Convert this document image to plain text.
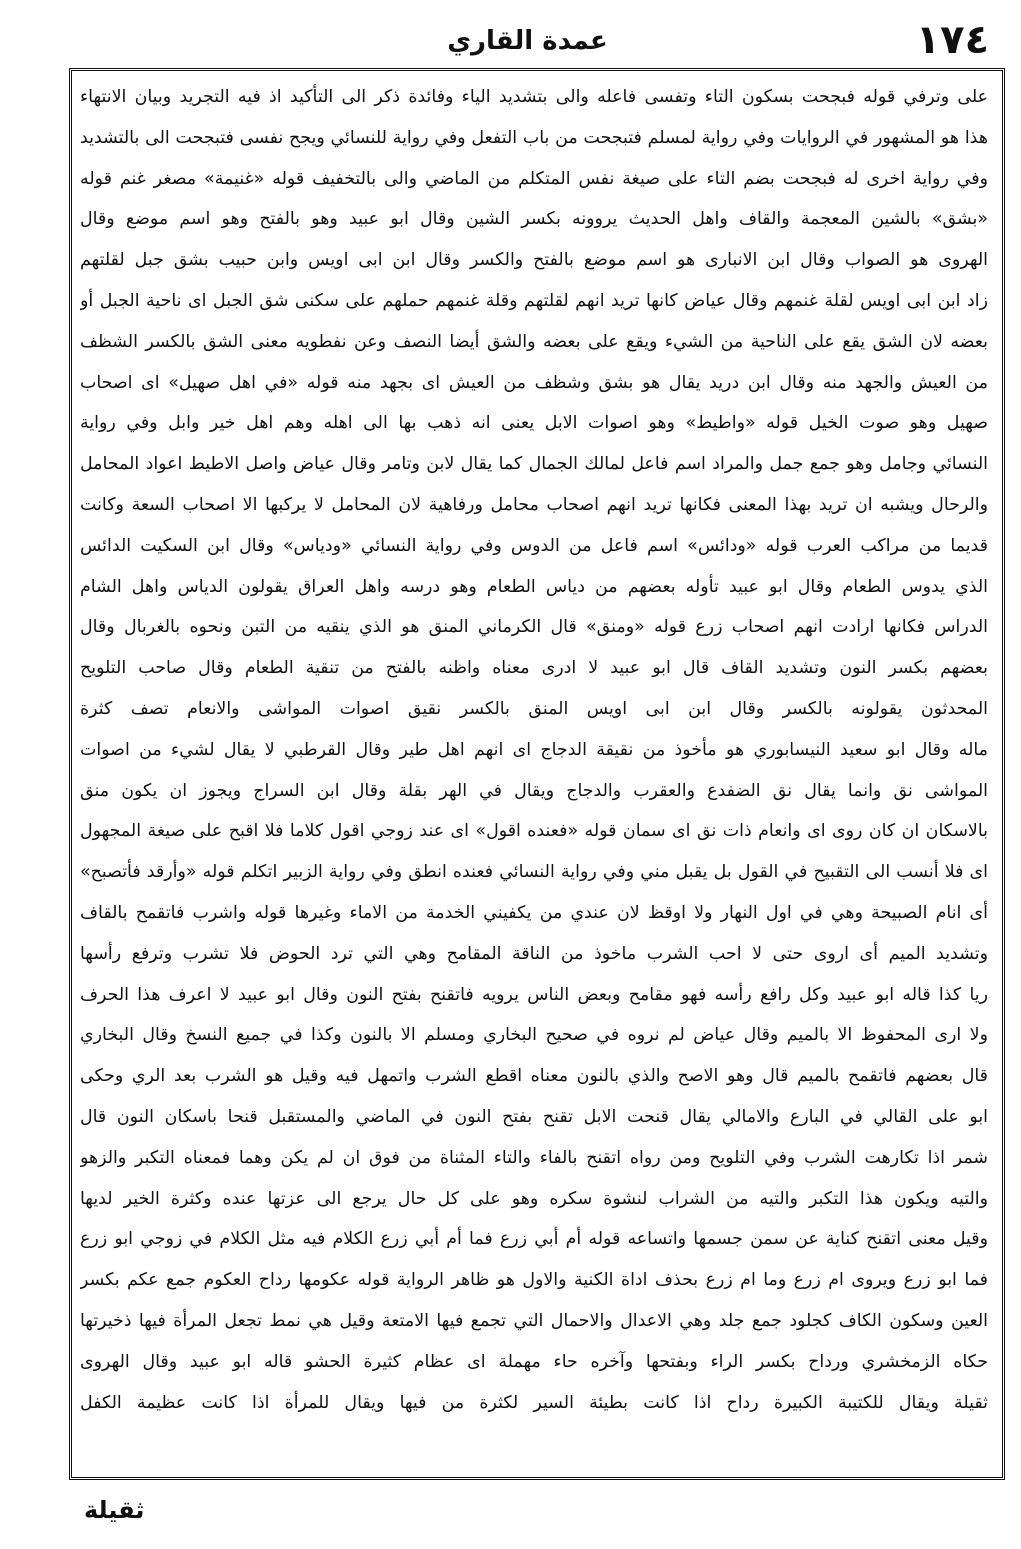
١٧٤
عمدة القاري
على وترفي قوله فبجحت بسكون التاء وتفسى فاعله والى بتشديد الياء وفائدة ذكر الى التأكيد اذ فيه التجريد وبيان الانتهاء
هذا هو المشهور في الروايات وفي رواية لمسلم فتبجحت من باب التفعل وفي رواية للنسائي ويجح نفسى فتبجحت الى بالتشديد
وفي رواية اخرى له فبجحت بضم التاء على صيغة نفس المتكلم من الماضي والى بالتخفيف قوله «غنيمة» مصغر غنم قوله
«بشق» بالشين المعجمة والقاف واهل الحديث يروونه بكسر الشين وقال ابو عبيد وهو بالفتح وهو اسم موضع وقال
الهروى هو الصواب وقال ابن الانبارى هو اسم موضع بالفتح والكسر وقال ابن ابى اويس وابن حبيب بشق جبل لقلتهم
زاد ابن ابى اويس لقلة غنمهم وقال عياض كانها تريد انهم لقلتهم وقلة غنمهم حملهم على سكنى شق الجبل اى ناحية الجبل أو
بعضه لان الشق يقع على الناحية من الشيء ويقع على بعضه والشق أيضا النصف وعن نفطويه معنى الشق بالكسر الشظف
من العيش والجهد منه وقال ابن دريد يقال هو بشق وشظف من العيش اى بجهد منه قوله «في اهل صهيل» اى اصحاب
صهيل وهو صوت الخيل قوله «واطيط» وهو اصوات الابل يعنى انه ذهب بها الى اهله وهم اهل خير وابل وفي رواية
النسائي وجامل وهو جمع جمل والمراد اسم فاعل لمالك الجمال كما يقال لابن وتامر وقال عياض واصل الاطيط اعواد المحامل
والرحال ويشبه ان تريد بهذا المعنى فكانها تريد انهم اصحاب محامل ورفاهية لان المحامل لا يركبها الا اصحاب السعة وكانت
قديما من مراكب العرب قوله «ودائس» اسم فاعل من الدوس وفي رواية النسائي «ودياس» وقال ابن السكيت الدائس
الذي يدوس الطعام وقال ابو عبيد تأوله بعضهم من دياس الطعام وهو درسه واهل العراق يقولون الدياس واهل الشام
الدراس فكانها ارادت انهم اصحاب زرع قوله «ومنق» قال الكرماني المنق هو الذي ينقيه من التبن ونحوه بالغربال وقال
بعضهم بكسر النون وتشديد القاف قال ابو عبيد لا ادرى معناه واظنه بالفتح من تنقية الطعام وقال صاحب التلويح
المحدثون يقولونه بالكسر وقال ابن ابى اويس المنق بالكسر نقيق اصوات المواشى والانعام تصف كثرة
ماله وقال ابو سعيد النيسابوري هو مأخوذ من نقيقة الدجاج اى انهم اهل طير وقال القرطبي لا يقال لشيء من اصوات
المواشى نق وانما يقال نق الضفدع والعقرب والدجاج ويقال في الهر بقلة وقال ابن السراج ويجوز ان يكون منق
بالاسكان ان كان روى اى وانعام ذات نق اى سمان قوله «فعنده اقول» اى عند زوجي اقول كلاما فلا اقبح على صيغة المجهول
اى فلا أنسب الى التقبيح في القول بل يقبل مني وفي رواية النسائي فعنده انطق وفي رواية الزبير اتكلم قوله «وأرقد فأتصبح»
أى انام الصبيحة وهي في اول النهار ولا اوقظ لان عندي من يكفيني الخدمة من الاماء وغيرها قوله واشرب فاتقمح بالقاف
وتشديد الميم أى اروى حتى لا احب الشرب ماخوذ من الناقة المقامح وهي التي ترد الحوض فلا تشرب وترفع رأسها
ريا كذا قاله ابو عبيد وكل رافع رأسه فهو مقامح وبعض الناس يرويه فاتقنح بفتح النون وقال ابو عبيد لا اعرف هذا الحرف
ولا ارى المحفوظ الا بالميم وقال عياض لم نروه في صحيح البخاري ومسلم الا بالنون وكذا في جميع النسخ وقال البخاري
قال بعضهم فاتقمح بالميم قال وهو الاصح والذي بالنون معناه اقطع الشرب واتمهل فيه وقيل هو الشرب بعد الري وحكى
ابو على القالي في البارع والامالي يقال قنحت الابل تقنح بفتح النون في الماضي والمستقبل قنحا باسكان النون قال
شمر اذا تكارهت الشرب وفي التلويح ومن رواه اتقنح بالفاء والتاء المثناة من فوق ان لم يكن وهما فمعناه التكبر والزهو
والتيه ويكون هذا التكبر والتيه من الشراب لنشوة سكره وهو على كل حال يرجع الى عزتها عنده وكثرة الخير لديها
وقيل معنى اتقنح كناية عن سمن جسمها واتساعه قوله أم أبي زرع فما أم أبي زرع الكلام فيه مثل الكلام في زوجي ابو زرع
فما ابو زرع ويروى ام زرع وما ام زرع بحذف اداة الكنية والاول هو ظاهر الرواية قوله عكومها رداح العكوم جمع عكم بكسر
العين وسكون الكاف كجلود جمع جلد وهي الاعدال والاحمال التي تجمع فيها الامتعة وقيل هي نمط تجعل المرأة فيها ذخيرتها
حكاه الزمخشري ورداح بكسر الراء وبفتحها وآخره حاء مهملة اى عظام كثيرة الحشو قاله ابو عبيد وقال الهروى
ثقيلة ويقال للكتيبة الكبيرة رداح اذا كانت بطيئة السير لكثرة من فيها ويقال للمرأة اذا كانت عظيمة الكفل
ثقيلة
